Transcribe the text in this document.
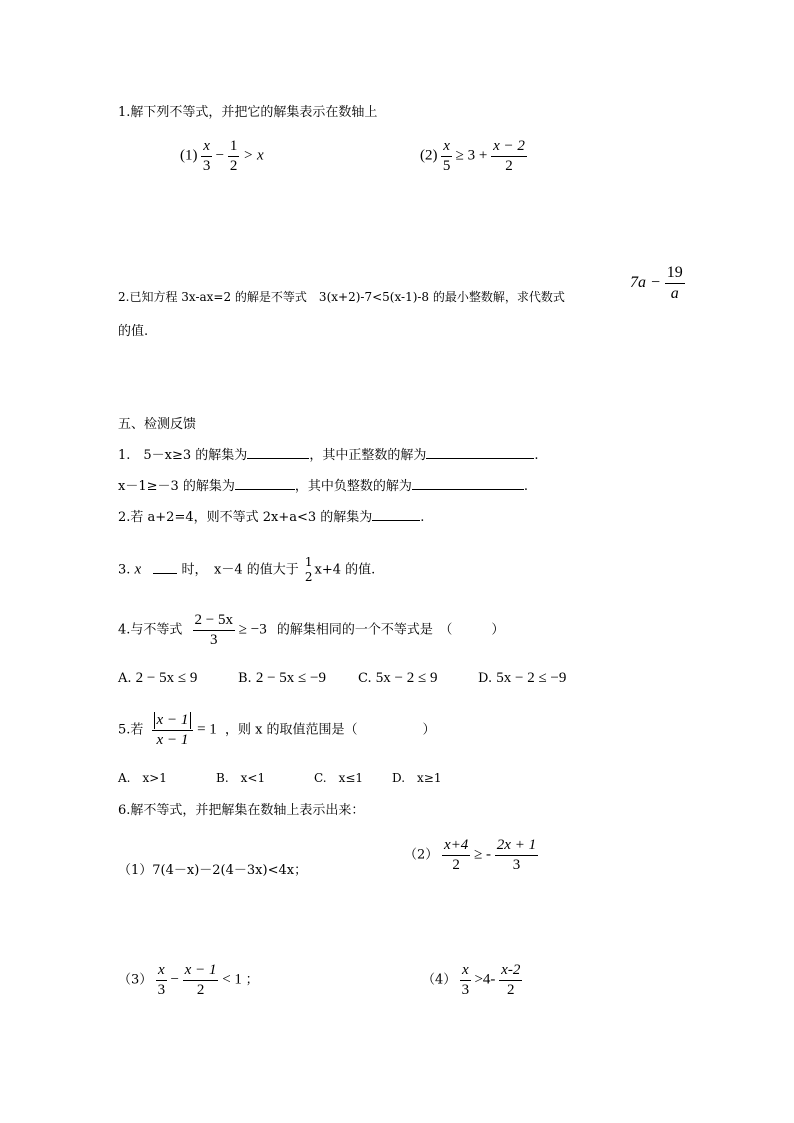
1.解下列不等式，并把它的解集表示在数轴上
$(1) \frac{x}{3} - \frac{1}{2} > x$	$(2) \frac{x}{5} \ge 3 + \frac{x - 2}{2}$
2.已知方程 3x-ax=2 的解是不等式　3(x+2)-7<5(x-1)-8 的最小整数解，求代数式
$7a - \frac{19}{a}$
的值.
五、检测反馈
1.　5－x≥3 的解集为	，其中正整数的解为	.
x－1≥－3 的解集为	，其中负整数的解为	.
2.若 a+2=4，则不等式 2x+a<3 的解集为	.
3. x	时，　x－4 的值大于
1
2 x+4 的值.
4.与不等式 $\frac{2 - 5x}{3} \ge -3$ 的解集相同的一个不等式是　（　　　）
A. 2 − 5x ≤ 9	B. 2 − 5x ≤ −9 C. 5x − 2 ≤ 9	D. 5x − 2 ≤ −9
5.若 $\frac{x - 1}{x - 1} = 1$ ，则 x 的取值范围是（　　　　　）
A.　x>1	B.　x<1	C.　x≤1 D.　x≥1
6.解不等式，并把解集在数轴上表示出来：
（1）7(4－x)－2(4－3x)<4x；
$(2) \frac{x+4}{2}$ ≥ - $\frac{2x + 1}{3}$
$(3) \frac{x}{3} - \frac{x - 1}{2} < 1$ ；	$(4) \frac{x}{3} >4- \frac{x-2}{2}$
